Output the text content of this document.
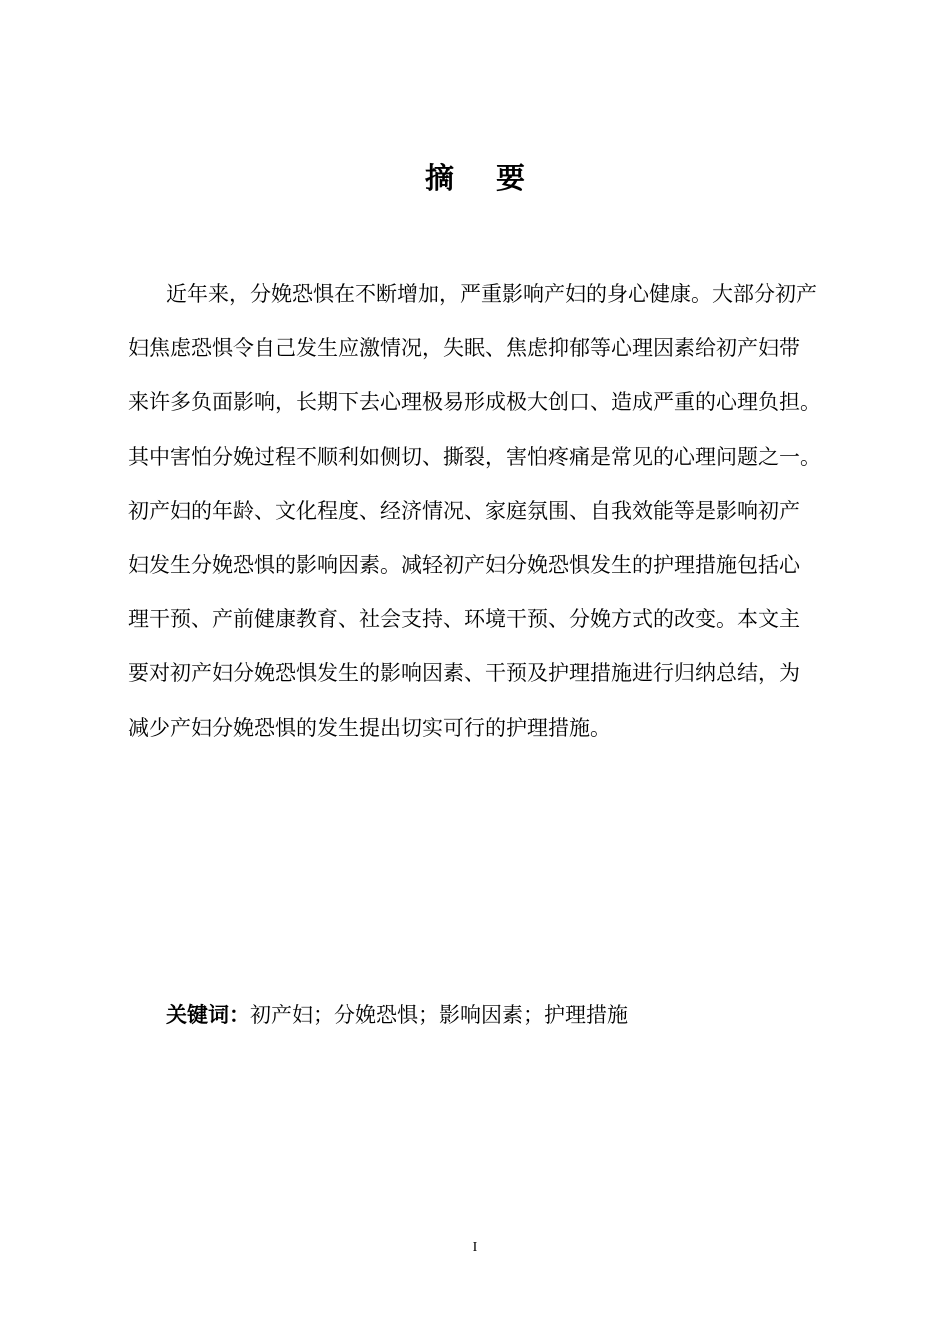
摘要
近年来，分娩恐惧在不断增加，严重影响产妇的身心健康。大部分初产
妇焦虑恐惧令自己发生应激情况，失眠、焦虑抑郁等心理因素给初产妇带
来许多负面影响，长期下去心理极易形成极大创口、造成严重的心理负担。
其中害怕分娩过程不顺利如侧切、撕裂，害怕疼痛是常见的心理问题之一。
初产妇的年龄、文化程度、经济情况、家庭氛围、自我效能等是影响初产
妇发生分娩恐惧的影响因素。减轻初产妇分娩恐惧发生的护理措施包括心
理干预、产前健康教育、社会支持、环境干预、分娩方式的改变。本文主
要对初产妇分娩恐惧发生的影响因素、干预及护理措施进行归纳总结，为
减少产妇分娩恐惧的发生提出切实可行的护理措施。
关键词：初产妇；分娩恐惧；影响因素；护理措施
I
